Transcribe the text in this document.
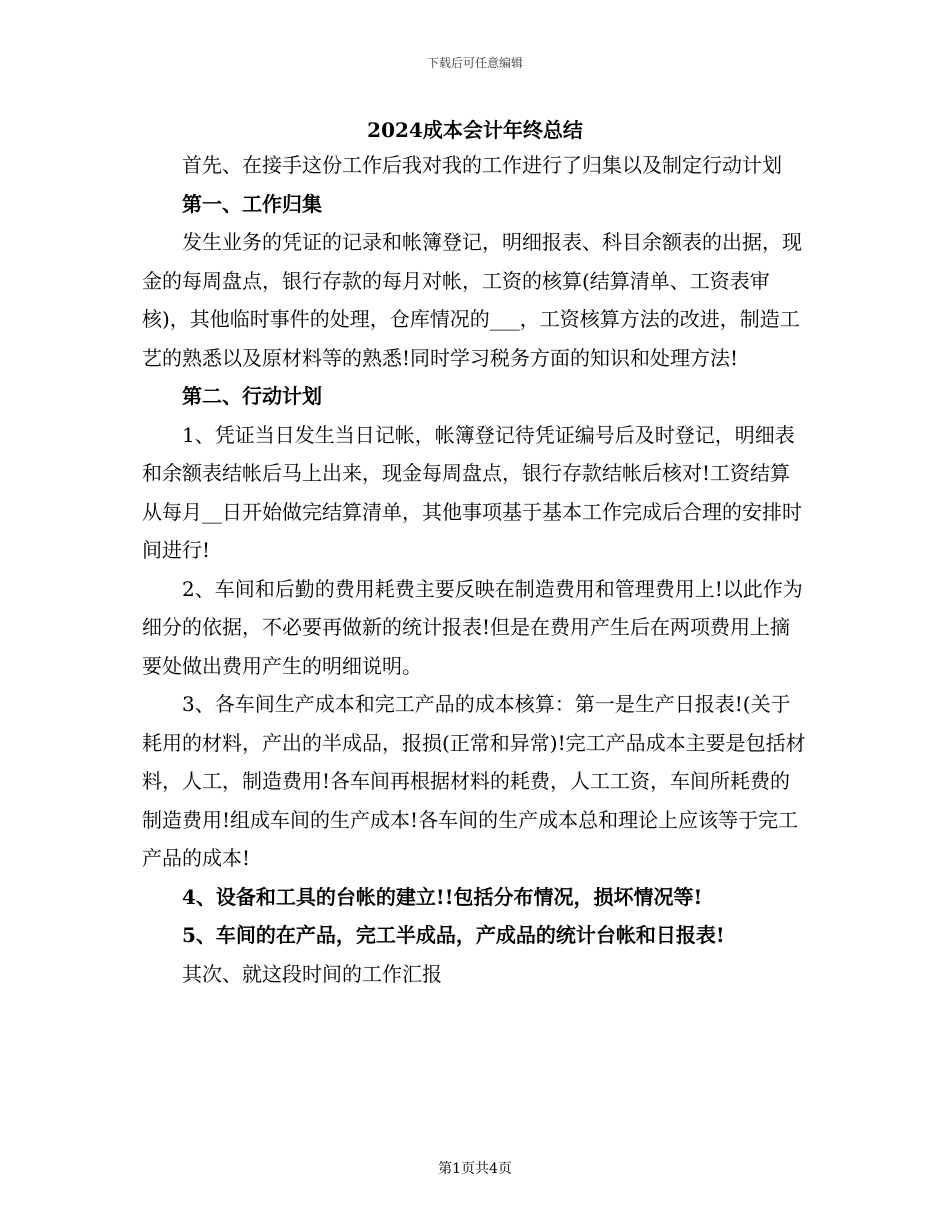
下载后可任意编辑
2024成本会计年终总结

首先、在接手这份工作后我对我的工作进行了归集以及制定行动计划

第一、工作归集

发生业务的凭证的记录和帐簿登记，明细报表、科目余额表的出据，现金的每周盘点，银行存款的每月对帐，工资的核算(结算清单、工资表审核)，其他临时事件的处理，仓库情况的___，工资核算方法的改进，制造工艺的熟悉以及原材料等的熟悉!同时学习税务方面的知识和处理方法!

第二、行动计划

1、凭证当日发生当日记帐，帐簿登记待凭证编号后及时登记，明细表和余额表结帐后马上出来，现金每周盘点，银行存款结帐后核对!工资结算从每月__日开始做完结算清单，其他事项基于基本工作完成后合理的安排时间进行!

2、车间和后勤的费用耗费主要反映在制造费用和管理费用上!以此作为细分的依据，不必要再做新的统计报表!但是在费用产生后在两项费用上摘要处做出费用产生的明细说明。

3、各车间生产成本和完工产品的成本核算：第一是生产日报表!(关于耗用的材料，产出的半成品，报损(正常和异常)!完工产品成本主要是包括材料，人工，制造费用!各车间再根据材料的耗费，人工工资，车间所耗费的制造费用!组成车间的生产成本!各车间的生产成本总和理论上应该等于完工产品的成本!

4、设备和工具的台帐的建立!!包括分布情况，损坏情况等!

5、车间的在产品，完工半成品，产成品的统计台帐和日报表!

其次、就这段时间的工作汇报

第1页共4页
